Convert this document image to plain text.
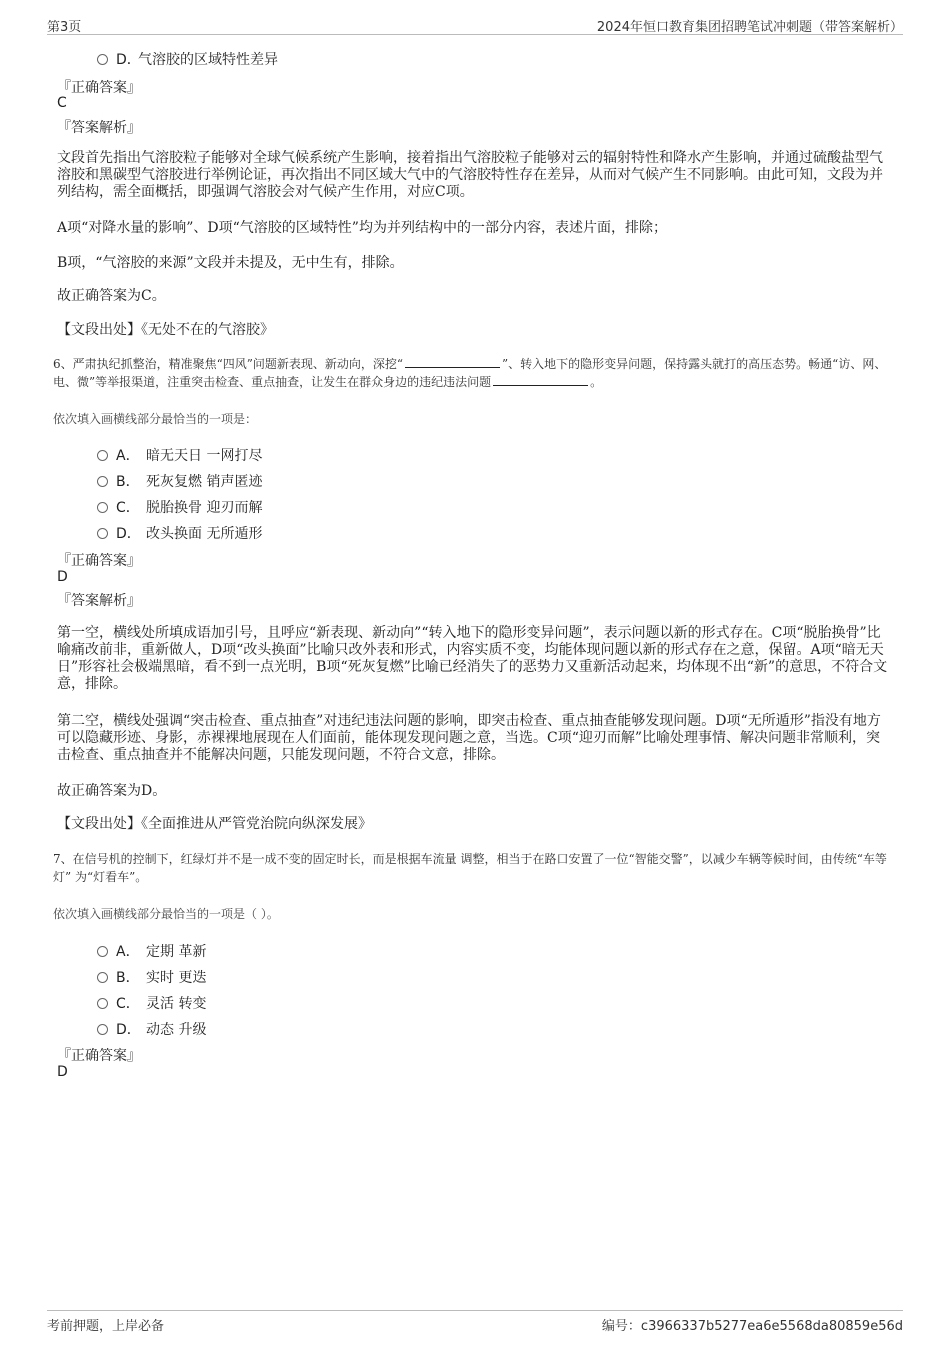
第3页	2024年恒口教育集团招聘笔试冲刺题（带答案解析）
D．气溶胶的区域特性差异
『正确答案』
C
『答案解析』
文段首先指出气溶胶粒子能够对全球气候系统产生影响，接着指出气溶胶粒子能够对云的辐射特性和降水产生影响，并通过硫酸盐型气溶胶和黑碳型气溶胶进行举例论证，再次指出不同区域大气中的气溶胶特性存在差异，从而对气候产生不同影响。由此可知，文段为并列结构，需全面概括，即强调气溶胶会对气候产生作用，对应C项。
A项“对降水量的影响”、D项“气溶胶的区域特性”均为并列结构中的一部分内容，表述片面，排除；
B项，“气溶胶的来源”文段并未提及，无中生有，排除。
故正确答案为C。
【文段出处】《无处不在的气溶胶》
6、严肃执纪抓整治，精准聚焦“四风”问题新表现、新动向，深挖“	”、转入地下的隐形变异问题，保持露头就打的高压态势。畅通“访、网、电、微”等举报渠道，注重突击检查、重点抽查，让发生在群众身边的违纪违法问题	。
依次填入画横线部分最恰当的一项是：
A． 暗无天日 一网打尽
B． 死灰复燃 销声匿迹
C． 脱胎换骨 迎刃而解
D． 改头换面 无所遁形
『正确答案』
D
『答案解析』
第一空，横线处所填成语加引号，且呼应“新表现、新动向”“转入地下的隐形变异问题”，表示问题以新的形式存在。C项“脱胎换骨”比喻痛改前非，重新做人，D项“改头换面”比喻只改外表和形式，内容实质不变，均能体现问题以新的形式存在之意，保留。A项“暗无天日”形容社会极端黑暗，看不到一点光明，B项“死灰复燃”比喻已经消失了的恶势力又重新活动起来，均体现不出“新”的意思，不符合文意，排除。
第二空，横线处强调“突击检查、重点抽查”对违纪违法问题的影响，即突击检查、重点抽查能够发现问题。D项“无所遁形”指没有地方可以隐藏形迹、身影，赤裸裸地展现在人们面前，能体现发现问题之意，当选。C项“迎刃而解”比喻处理事情、解决问题非常顺利，突击检查、重点抽查并不能解决问题，只能发现问题，不符合文意，排除。
故正确答案为D。
【文段出处】《全面推进从严管党治院向纵深发展》
7、在信号机的控制下，红绿灯并不是一成不变的固定时长，而是根据车流量 调整，相当于在路口安置了一位“智能交警”，以减少车辆等候时间，由传统“车等灯” 为“灯看车”。
依次填入画横线部分最恰当的一项是（ ）。
A． 定期 革新
B． 实时 更迭
C． 灵活 转变
D． 动态 升级
『正确答案』
D
考前押题，上岸必备	编号：c3966337b5277ea6e5568da80859e56d
